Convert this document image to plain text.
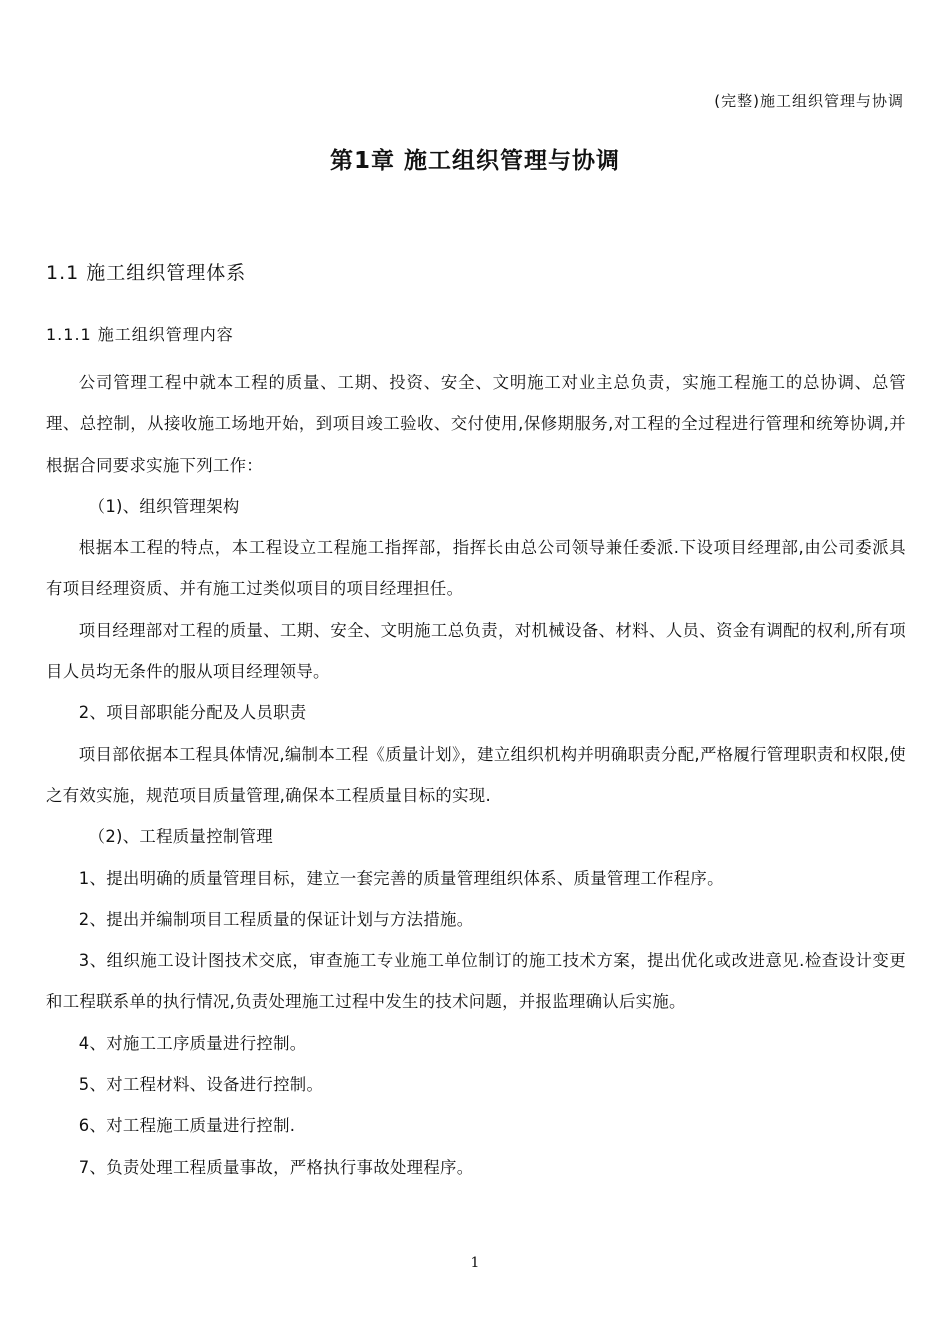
(完整)施工组织管理与协调
第1章 施工组织管理与协调
1.1 施工组织管理体系
1.1.1 施工组织管理内容

公司管理工程中就本工程的质量、工期、投资、安全、文明施工对业主总负责，实施工程施工的总协调、总管理、总控制，从接收施工场地开始，到项目竣工验收、交付使用,保修期服务,对工程的全过程进行管理和统筹协调,并根据合同要求实施下列工作：

（1)、组织管理架构

根据本工程的特点，本工程设立工程施工指挥部，指挥长由总公司领导兼任委派.下设项目经理部,由公司委派具有项目经理资质、并有施工过类似项目的项目经理担任。

项目经理部对工程的质量、工期、安全、文明施工总负责，对机械设备、材料、人员、资金有调配的权利,所有项目人员均无条件的服从项目经理领导。

2、项目部职能分配及人员职责

项目部依据本工程具体情况,编制本工程《质量计划》，建立组织机构并明确职责分配,严格履行管理职责和权限,使之有效实施，规范项目质量管理,确保本工程质量目标的实现.

（2)、工程质量控制管理

1、提出明确的质量管理目标，建立一套完善的质量管理组织体系、质量管理工作程序。

2、提出并编制项目工程质量的保证计划与方法措施。

3、组织施工设计图技术交底，审查施工专业施工单位制订的施工技术方案，提出优化或改进意见.检查设计变更和工程联系单的执行情况,负责处理施工过程中发生的技术问题，并报监理确认后实施。

4、对施工工序质量进行控制。

5、对工程材料、设备进行控制。

6、对工程施工质量进行控制.

7、负责处理工程质量事故，严格执行事故处理程序。

1
